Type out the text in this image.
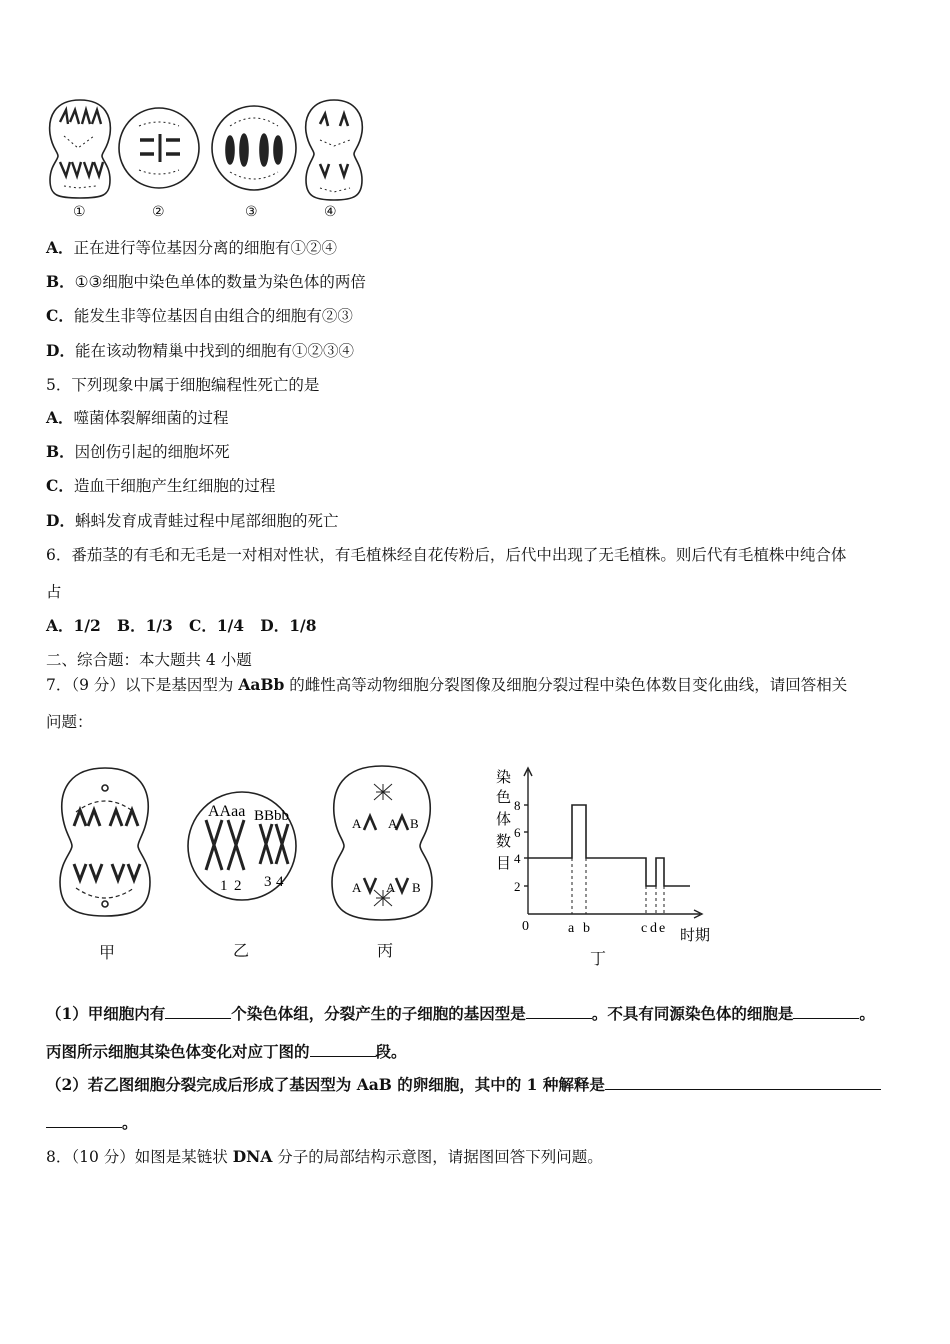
①	②	③	④
A．正在进行等位基因分离的细胞有①②④
B．①③细胞中染色单体的数量为染色体的两倍
C．能发生非等位基因自由组合的细胞有②③
D．能在该动物精巢中找到的细胞有①②③④
5．下列现象中属于细胞编程性死亡的是
A．噬菌体裂解细菌的过程
B．因创伤引起的细胞坏死
C．造血干细胞产生红细胞的过程
D．蝌蚪发育成青蛙过程中尾部细胞的死亡
6．番茄茎的有毛和无毛是一对相对性状，有毛植株经自花传粉后，后代中出现了无毛植株。则后代有毛植株中纯合体
占
A．1/2 B．1/3 C．1/4 D．1/8
二、综合题：本大题共 4 小题
7．（9 分）以下是基因型为 AaBb 的雌性高等动物细胞分裂图像及细胞分裂过程中染色体数目变化曲线，请回答相关
问题：
AAaa BBbb
1 2 3 4
A A
A
B
A B
染
色
体
数
目
8
6
4
2
0	a b	c d e 时期
甲	乙	丙	丁
（1）甲细胞内有	个染色体组，分裂产生的子细胞的基因型是	。不具有同源染色体的细胞是	。
丙图所示细胞其染色体变化对应丁图的	段。
（2）若乙图细胞分裂完成后形成了基因型为 AaB 的卵细胞，其中的 1 种解释是
。
8．（10 分）如图是某链状 DNA 分子的局部结构示意图，请据图回答下列问题。
